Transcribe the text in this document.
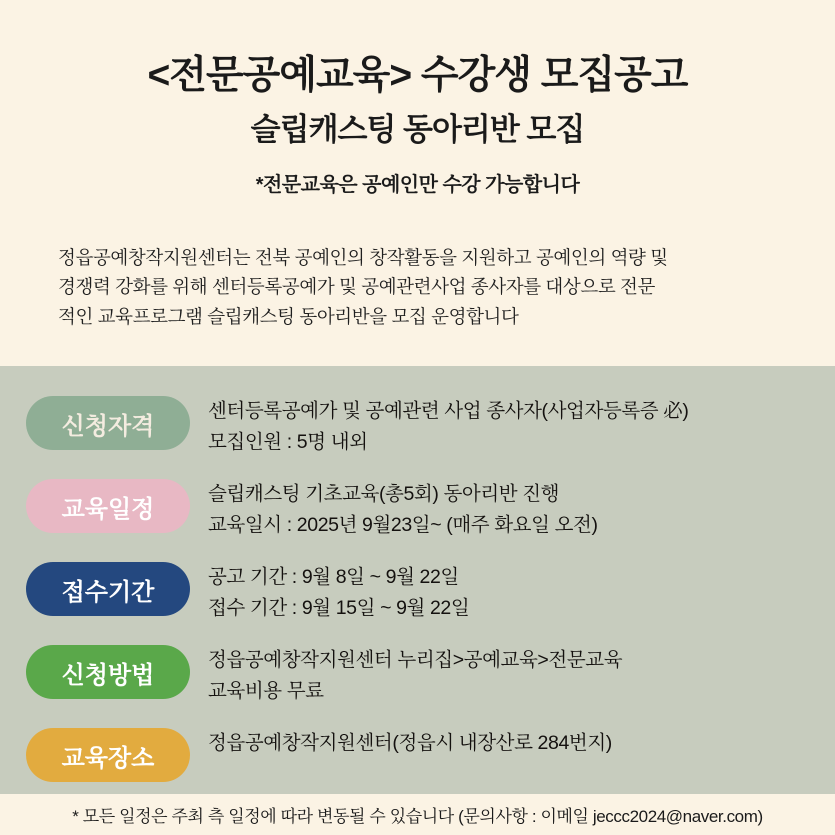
<전문공예교육> 수강생 모집공고
슬립캐스팅 동아리반 모집
*전문교육은 공예인만 수강 가능합니다
정읍공예창작지원센터는 전북 공예인의 창작활동을 지원하고 공예인의 역량 및
경쟁력 강화를 위해 센터등록공예가 및 공예관련사업 종사자를 대상으로 전문
적인 교육프로그램 슬립캐스팅 동아리반을 모집 운영합니다
신청자격
센터등록공예가 및 공예관련 사업 종사자(사업자등록증 必)
모집인원 : 5명 내외
교육일정
슬립캐스팅 기초교육(총5회) 동아리반 진행
교육일시 : 2025년 9월23일~ (매주 화요일 오전)
접수기간
공고 기간 : 9월 8일 ~ 9월 22일
접수 기간 : 9월 15일 ~ 9월 22일
신청방법
정읍공예창작지원센터 누리집>공예교육>전문교육
교육비용 무료
교육장소
정읍공예창작지원센터(정읍시 내장산로 284번지)
* 모든 일정은 주최 측 일정에 따라 변동될 수 있습니다 (문의사항 : 이메일 jeccc2024@naver.com)
